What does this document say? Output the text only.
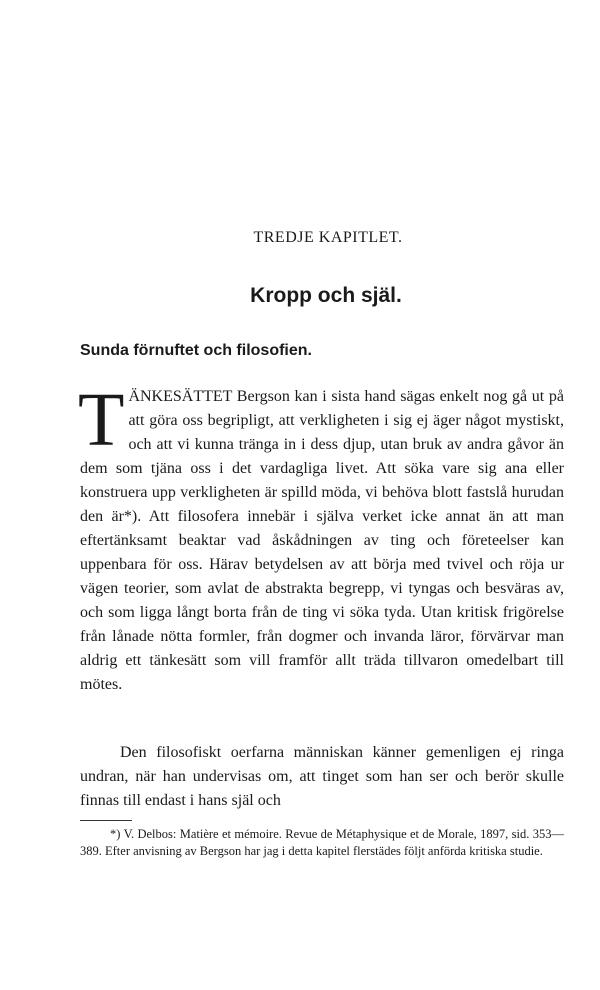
TREDJE KAPITLET.

Kropp och själ.
Sunda förnuftet och filosofien.

TÄNKESÄTTET Bergson kan i sista hand sägas enkelt nog gå ut på att göra oss begripligt, att verkligheten i sig ej äger något mystiskt, och att vi kunna tränga in i dess djup, utan bruk av andra gåvor än dem som tjäna oss i det vardagliga livet. Att söka vare sig ana eller konstruera upp verkligheten är spilld möda, vi behöva blott fastslå hurudan den är*). Att filosofera innebär i själva verket icke annat än att man eftertänksamt beaktar vad åskådningen av ting och företeelser kan uppenbara för oss. Härav betydelsen av att börja med tvivel och röja ur vägen teorier, som avlat de abstrakta begrepp, vi tyngas och besväras av, och som ligga långt borta från de ting vi söka tyda. Utan kritisk frigörelse från lånade nötta formler, från dogmer och invanda läror, förvärvar man aldrig ett tänkesätt som vill framför allt träda tillvaron omedelbart till mötes.

Den filosofiskt oerfarna människan känner gemenligen ej ringa undran, när han undervisas om, att tinget som han ser och berör skulle finnas till endast i hans själ och

*) V. Delbos: Matière et mémoire. Revue de Métaphysique et de Morale, 1897, sid. 353—389. Efter anvisning av Bergson har jag i detta kapitel flerstädes följt anförda kritiska studie.
